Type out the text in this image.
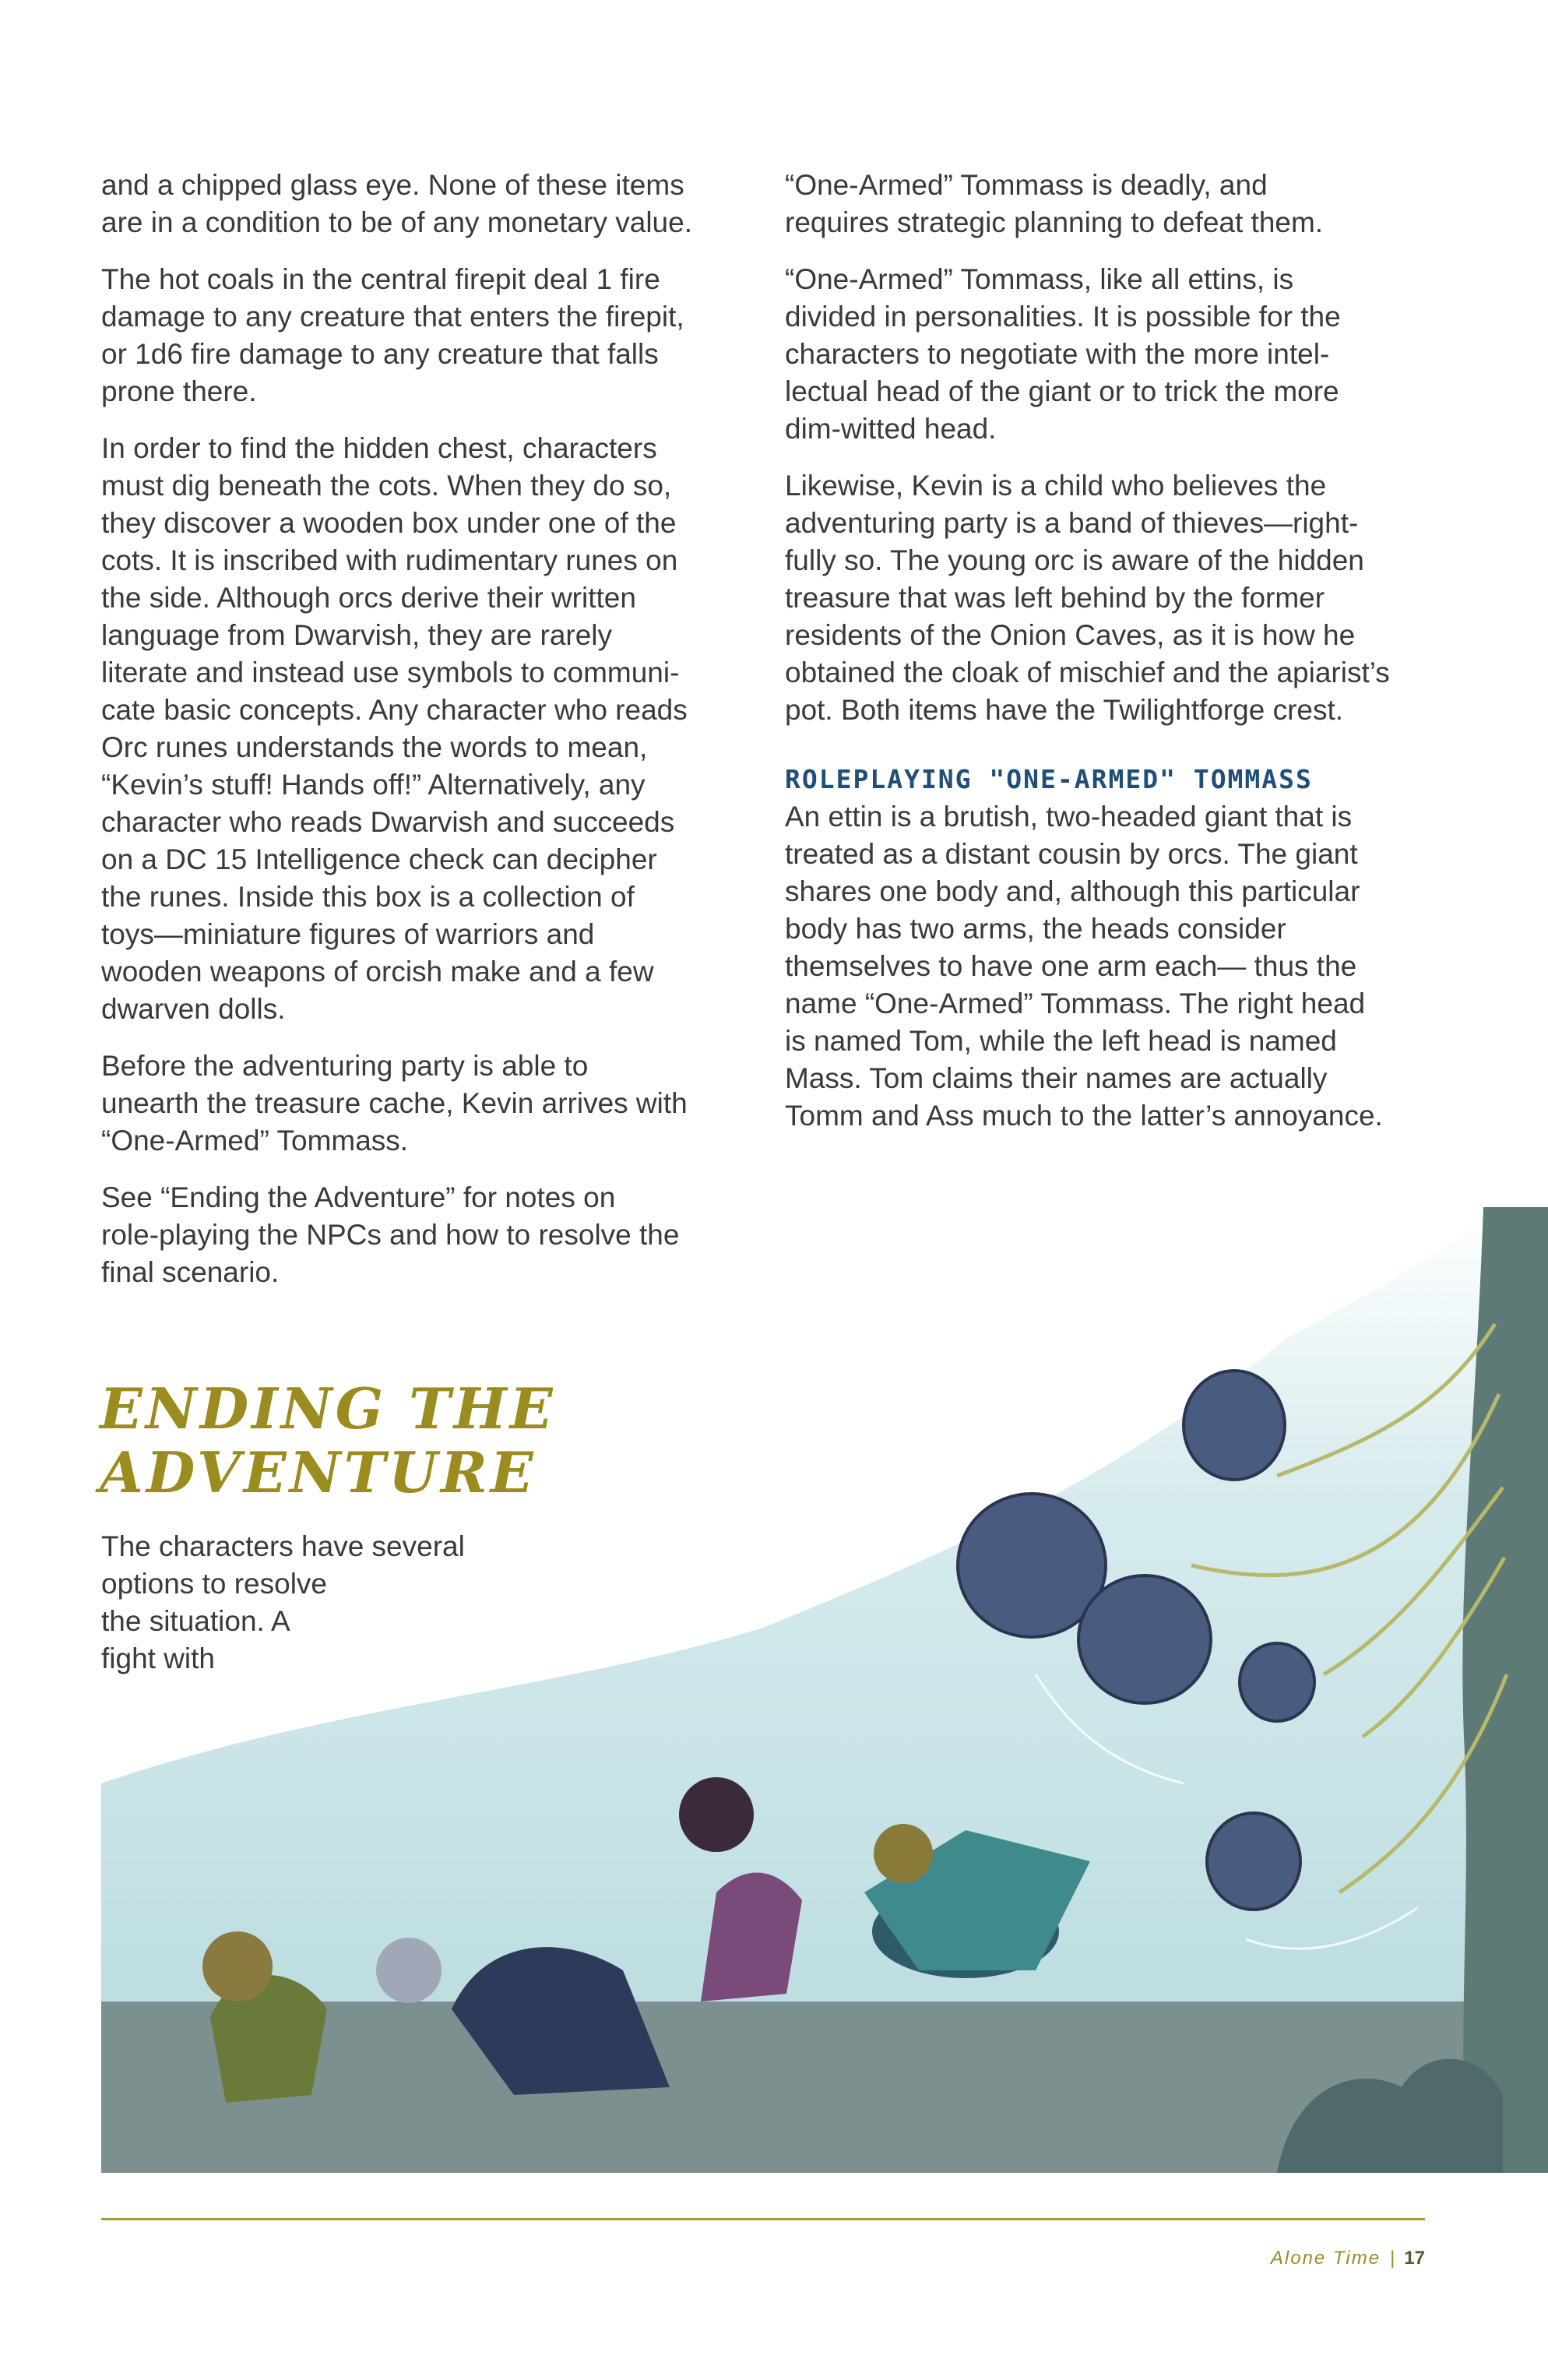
and a chipped glass eye. None of these items
are in a condition to be of any monetary value.

The hot coals in the central firepit deal 1 fire
damage to any creature that enters the firepit,
or 1d6 fire damage to any creature that falls
prone there.

In order to find the hidden chest, characters
must dig beneath the cots. When they do so,
they discover a wooden box under one of the
cots. It is inscribed with rudimentary runes on
the side. Although orcs derive their written
language from Dwarvish, they are rarely
literate and instead use symbols to communi-
cate basic concepts. Any character who reads
Orc runes understands the words to mean,
“Kevin’s stuff! Hands off!” Alternatively, any
character who reads Dwarvish and succeeds
on a DC 15 Intelligence check can decipher
the runes. Inside this box is a collection of
toys—miniature figures of warriors and
wooden weapons of orcish make and a few
dwarven dolls.

Before the adventuring party is able to
unearth the treasure cache, Kevin arrives with
“One-Armed” Tommass.

See “Ending the Adventure” for notes on
role-playing the NPCs and how to resolve the
final scenario.

“One-Armed” Tommass is deadly, and
requires strategic planning to defeat them.

“One-Armed” Tommass, like all ettins, is
divided in personalities. It is possible for the
characters to negotiate with the more intel-
lectual head of the giant or to trick the more
dim-witted head.

Likewise, Kevin is a child who believes the
adventuring party is a band of thieves—right-
fully so. The young orc is aware of the hidden
treasure that was left behind by the former
residents of the Onion Caves, as it is how he
obtained the cloak of mischief and the apiarist’s
pot. Both items have the Twilightforge crest.

ROLEPLAYING "ONE-ARMED" TOMMASS

An ettin is a brutish, two-headed giant that is
treated as a distant cousin by orcs. The giant
shares one body and, although this particular
body has two arms, the heads consider
themselves to have one arm each— thus the
name “One-Armed” Tommass. The right head
is named Tom, while the left head is named
Mass. Tom claims their names are actually
Tomm and Ass much to the latter’s annoyance.

ENDING THE
ADVENTURE

The characters have several
options to resolve
the situation. A
fight with

Alone Time | 17
